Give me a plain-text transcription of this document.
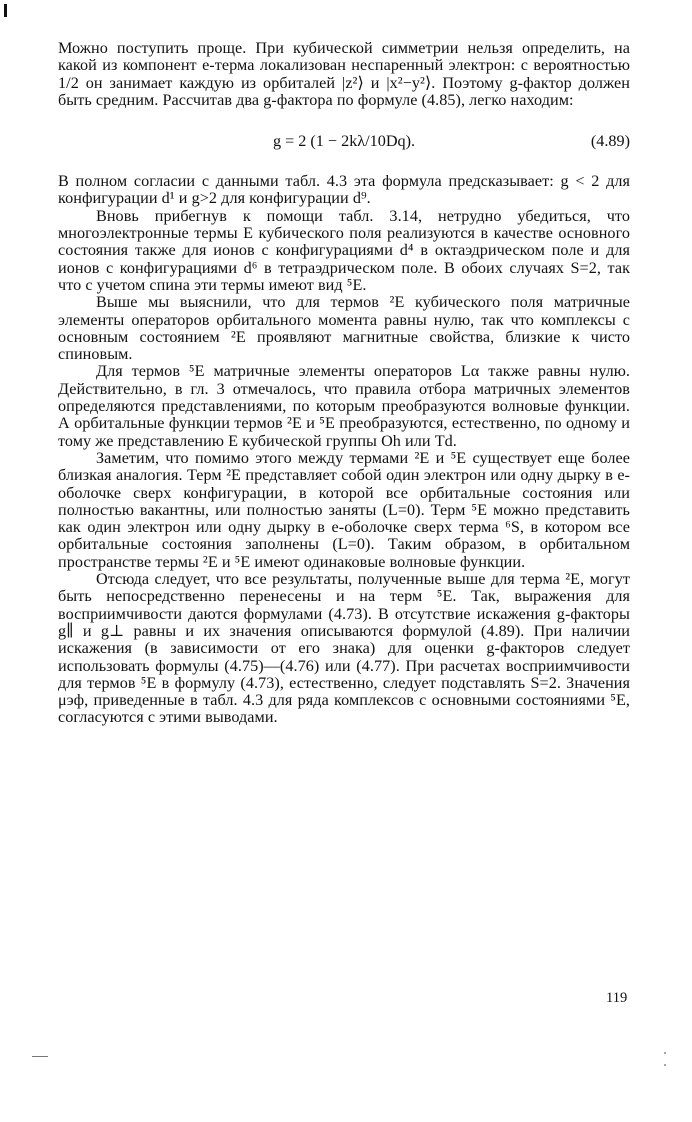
Можно поступить проще. При кубической симметрии нельзя определить, на какой из компонент e-терма локализован неспаренный электрон: с вероятностью 1/2 он занимает каждую из орбиталей |z²⟩ и |x²−y²⟩. Поэтому g-фактор должен быть средним. Рассчитав два g-фактора по формуле (4.85), легко находим:

g = 2 (1 − 2kλ/10Dq).	(4.89)

В полном согласии с данными табл. 4.3 эта формула предсказывает: g < 2 для конфигурации d¹ и g>2 для конфигурации d⁹.

Вновь прибегнув к помощи табл. 3.14, нетрудно убедиться, что многоэлектронные термы E кубического поля реализуются в качестве основного состояния также для ионов с конфигурациями d⁴ в октаэдрическом поле и для ионов с конфигурациями d⁶ в тетраэдрическом поле. В обоих случаях S=2, так что с учетом спина эти термы имеют вид ⁵E.

Выше мы выяснили, что для термов ²E кубического поля матричные элементы операторов орбитального момента равны нулю, так что комплексы с основным состоянием ²E проявляют магнитные свойства, близкие к чисто спиновым.

Для термов ⁵E матричные элементы операторов Lα также равны нулю. Действительно, в гл. 3 отмечалось, что правила отбора матричных элементов определяются представлениями, по которым преобразуются волновые функции. А орбитальные функции термов ²E и ⁵E преобразуются, естественно, по одному и тому же представлению E кубической группы Oh или Td.

Заметим, что помимо этого между термами ²E и ⁵E существует еще более близкая аналогия. Терм ²E представляет собой один электрон или одну дырку в e-оболочке сверх конфигурации, в которой все орбитальные состояния или полностью вакантны, или полностью заняты (L=0). Терм ⁵E можно представить как один электрон или одну дырку в e-оболочке сверх терма ⁶S, в котором все орбитальные состояния заполнены (L=0). Таким образом, в орбитальном пространстве термы ²E и ⁵E имеют одинаковые волновые функции.

Отсюда следует, что все результаты, полученные выше для терма ²E, могут быть непосредственно перенесены и на терм ⁵E. Так, выражения для восприимчивости даются формулами (4.73). В отсутствие искажения g-факторы g∥ и g⊥ равны и их значения описываются формулой (4.89). При наличии искажения (в зависимости от его знака) для оценки g-факторов следует использовать формулы (4.75)—(4.76) или (4.77). При расчетах восприимчивости для термов ⁵E в формулу (4.73), естественно, следует подставлять S=2. Значения μэф, приведенные в табл. 4.3 для ряда комплексов с основными состояниями ⁵E, согласуются с этими выводами.

119
